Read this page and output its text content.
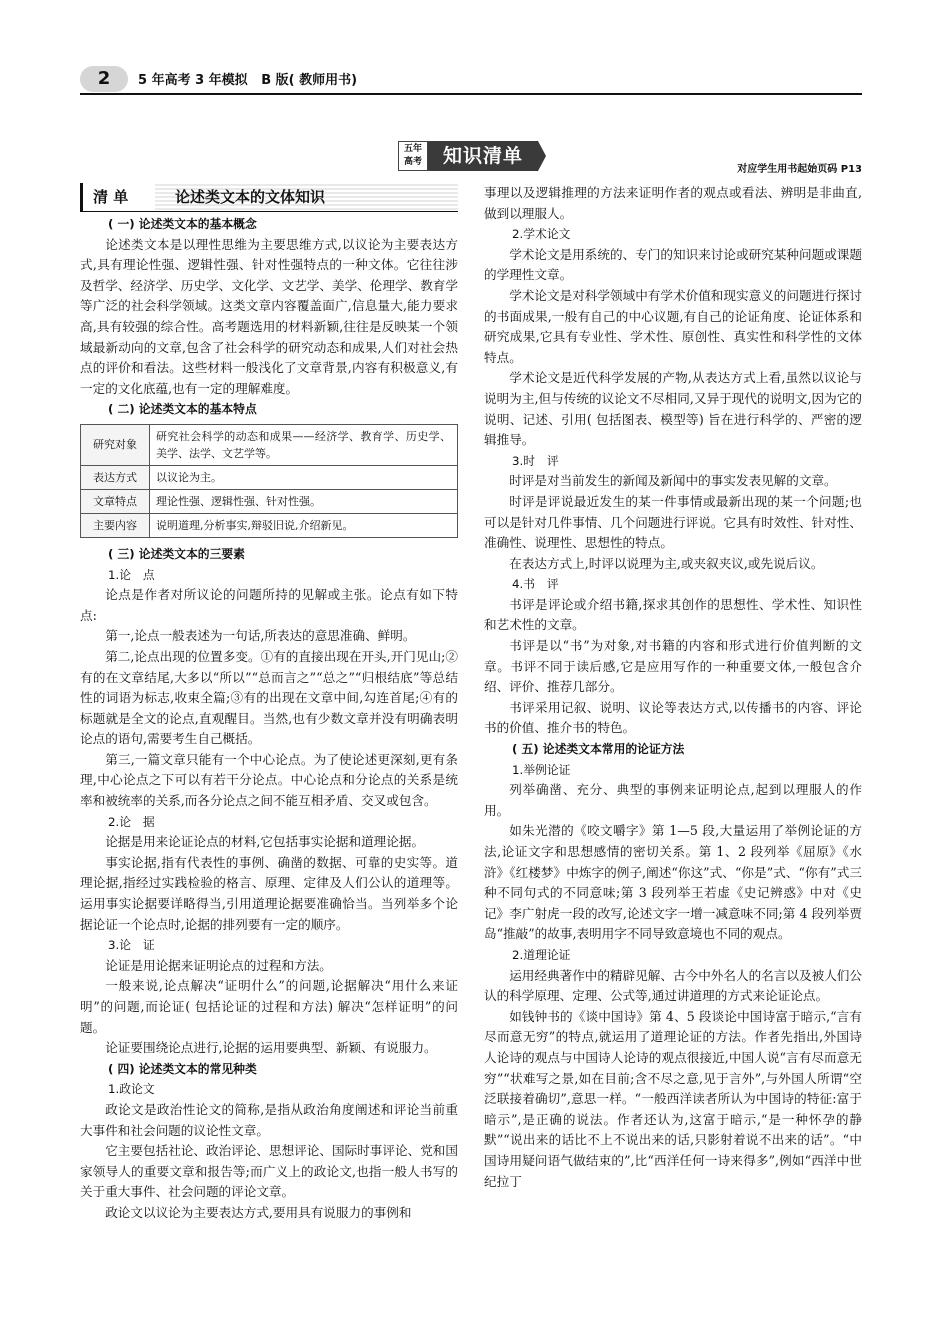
2	5 年高考 3 年模拟   B 版( 教师用书)
五年
高考	知识清单
对应学生用书起始页码 P13
清 单	论述类文本的文体知识

( 一) 论述类文本的基本概念

论述类文本是以理性思维为主要思维方式,以议论为主要表达方式,具有理论性强、逻辑性强、针对性强特点的一种文体。它往往涉及哲学、经济学、历史学、文化学、文艺学、美学、伦理学、教育学等广泛的社会科学领域。这类文章内容覆盖面广,信息量大,能力要求高,具有较强的综合性。高考题选用的材料新颖,往往是反映某一个领域最新动向的文章,包含了社会科学的研究动态和成果,人们对社会热点的评价和看法。这些材料一般浅化了文章背景,内容有积极意义,有一定的文化底蕴,也有一定的理解难度。

( 二) 论述类文本的基本特点

研究对象	研究社会科学的动态和成果——经济学、教育学、历史学、美学、法学、文艺学等。
表达方式	以议论为主。
文章特点	理论性强、逻辑性强、针对性强。
主要内容	说明道理,分析事实,辩驳旧说,介绍新见。

( 三) 论述类文本的三要素

1.论　点

论点是作者对所议论的问题所持的见解或主张。论点有如下特点:

第一,论点一般表述为一句话,所表达的意思准确、鲜明。

第二,论点出现的位置多变。①有的直接出现在开头,开门见山;②有的在文章结尾,大多以“所以”“总而言之”“总之”“归根结底”等总结性的词语为标志,收束全篇;③有的出现在文章中间,勾连首尾;④有的标题就是全文的论点,直观醒目。当然,也有少数文章并没有明确表明论点的语句,需要考生自己概括。

第三,一篇文章只能有一个中心论点。为了使论述更深刻,更有条理,中心论点之下可以有若干分论点。中心论点和分论点的关系是统率和被统率的关系,而各分论点之间不能互相矛盾、交叉或包含。

2.论　据

论据是用来论证论点的材料,它包括事实论据和道理论据。

事实论据,指有代表性的事例、确凿的数据、可靠的史实等。道理论据,指经过实践检验的格言、原理、定律及人们公认的道理等。运用事实论据要详略得当,引用道理论据要准确恰当。当列举多个论据论证一个论点时,论据的排列要有一定的顺序。

3.论　证

论证是用论据来证明论点的过程和方法。

一般来说,论点解决“证明什么”的问题,论据解决“用什么来证明”的问题,而论证( 包括论证的过程和方法) 解决“怎样证明”的问题。

论证要围绕论点进行,论据的运用要典型、新颖、有说服力。

( 四) 论述类文本的常见种类

1.政论文

政论文是政治性论文的简称,是指从政治角度阐述和评论当前重大事件和社会问题的议论性文章。

它主要包括社论、政治评论、思想评论、国际时事评论、党和国家领导人的重要文章和报告等;而广义上的政论文,也指一般人书写的关于重大事件、社会问题的评论文章。

政论文以议论为主要表达方式,要用具有说服力的事例和

事理以及逻辑推理的方法来证明作者的观点或看法、辨明是非曲直,做到以理服人。

2.学术论文

学术论文是用系统的、专门的知识来讨论或研究某种问题或课题的学理性文章。

学术论文是对科学领域中有学术价值和现实意义的问题进行探讨的书面成果,一般有自己的中心议题,有自己的论证角度、论证体系和研究成果,它具有专业性、学术性、原创性、真实性和科学性的文体特点。

学术论文是近代科学发展的产物,从表达方式上看,虽然以议论与说明为主,但与传统的议论文不尽相同,又异于现代的说明文,因为它的说明、记述、引用( 包括图表、模型等) 旨在进行科学的、严密的逻辑推导。

3.时　评

时评是对当前发生的新闻及新闻中的事实发表见解的文章。

时评是评说最近发生的某一件事情或最新出现的某一个问题;也可以是针对几件事情、几个问题进行评说。它具有时效性、针对性、准确性、说理性、思想性的特点。

在表达方式上,时评以说理为主,或夹叙夹议,或先说后议。

4.书　评

书评是评论或介绍书籍,探求其创作的思想性、学术性、知识性和艺术性的文章。

书评是以“书”为对象,对书籍的内容和形式进行价值判断的文章。书评不同于读后感,它是应用写作的一种重要文体,一般包含介绍、评价、推荐几部分。

书评采用记叙、说明、议论等表达方式,以传播书的内容、评论书的价值、推介书的特色。

( 五) 论述类文本常用的论证方法

1.举例论证

列举确凿、充分、典型的事例来证明论点,起到以理服人的作用。

如朱光潜的《咬文嚼字》第 1—5 段,大量运用了举例论证的方法,论证文字和思想感情的密切关系。第 1、2 段列举《屈原》《水浒》《红楼梦》中炼字的例子,阐述“你这”式、“你是”式、“你有”式三种不同句式的不同意味;第 3 段列举王若虚《史记辨惑》中对《史记》李广射虎一段的改写,论述文字一增一减意味不同;第 4 段列举贾岛“推敲”的故事,表明用字不同导致意境也不同的观点。

2.道理论证

运用经典著作中的精辟见解、古今中外名人的名言以及被人们公认的科学原理、定理、公式等,通过讲道理的方式来论证论点。

如钱钟书的《谈中国诗》第 4、5 段谈论中国诗富于暗示,“言有尽而意无穷”的特点,就运用了道理论证的方法。作者先指出,外国诗人论诗的观点与中国诗人论诗的观点很接近,中国人说“言有尽而意无穷”“状难写之景,如在目前;含不尽之意,见于言外”,与外国人所谓“空泛联接着确切”,意思一样。“一般西洋读者所认为中国诗的特征:富于暗示”,是正确的说法。作者还认为,这富于暗示,“是一种怀孕的静默”“说出来的话比不上不说出来的话,只影射着说不出来的话”。“中国诗用疑问语气做结束的”,比“西洋任何一诗来得多”,例如“西洋中世纪拉丁
